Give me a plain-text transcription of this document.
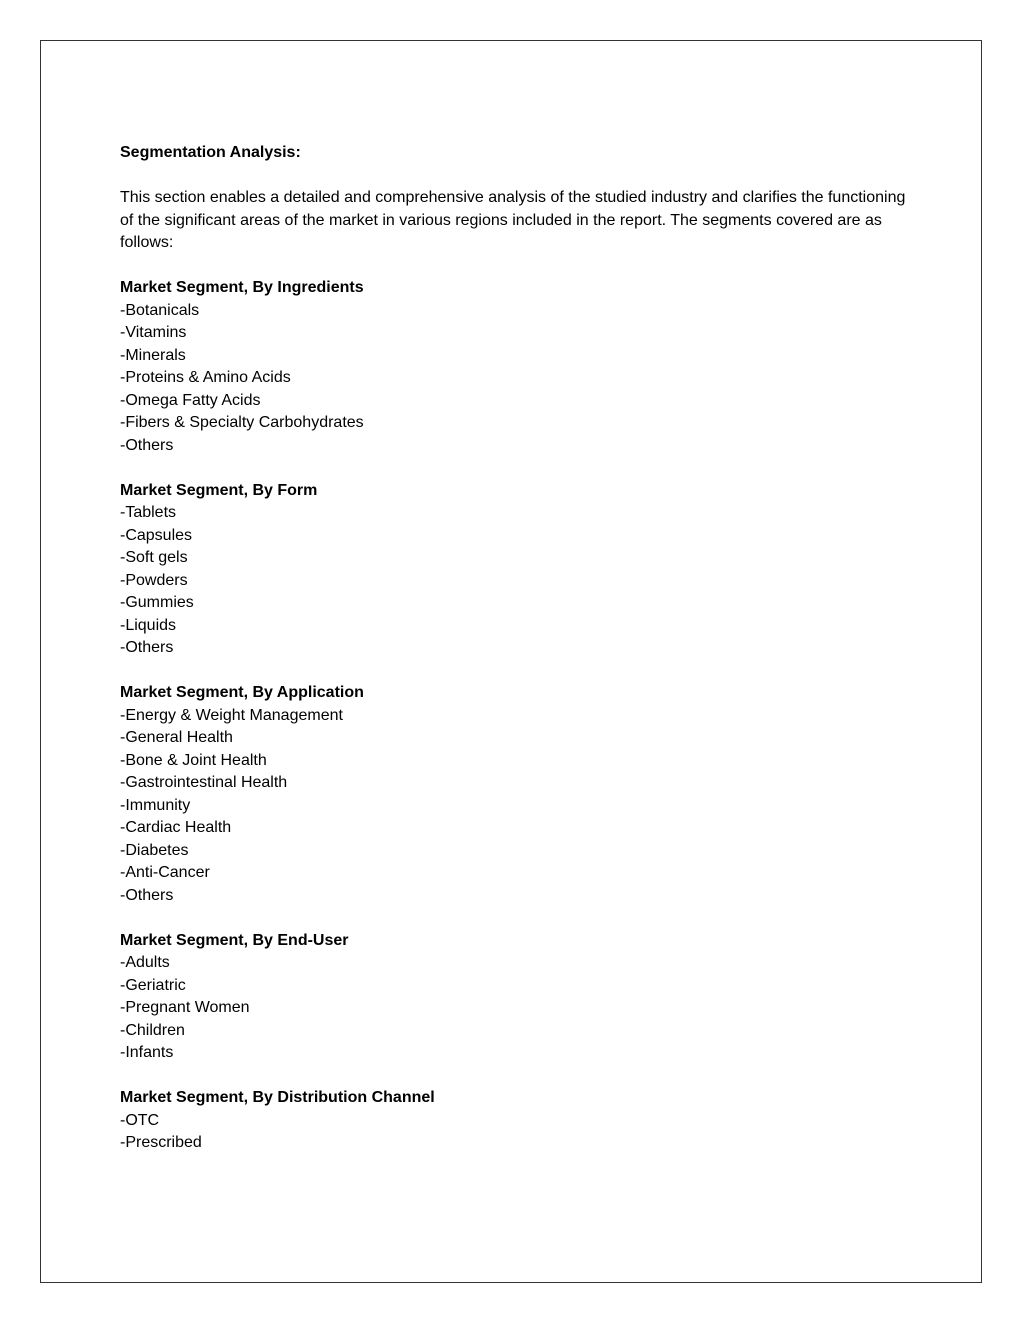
Segmentation Analysis:

This section enables a detailed and comprehensive analysis of the studied industry and clarifies the functioning of the significant areas of the market in various regions included in the report. The segments covered are as follows:

Market Segment, By Ingredients

-Botanicals
-Vitamins
-Minerals
-Proteins & Amino Acids
-Omega Fatty Acids
-Fibers & Specialty Carbohydrates
-Others

Market Segment, By Form

-Tablets
-Capsules
-Soft gels
-Powders
-Gummies
-Liquids
-Others

Market Segment, By Application

-Energy & Weight Management
-General Health
-Bone & Joint Health
-Gastrointestinal Health
-Immunity
-Cardiac Health
-Diabetes
-Anti-Cancer
-Others

Market Segment, By End-User

-Adults
-Geriatric
-Pregnant Women
-Children
-Infants

Market Segment, By Distribution Channel

-OTC
-Prescribed
